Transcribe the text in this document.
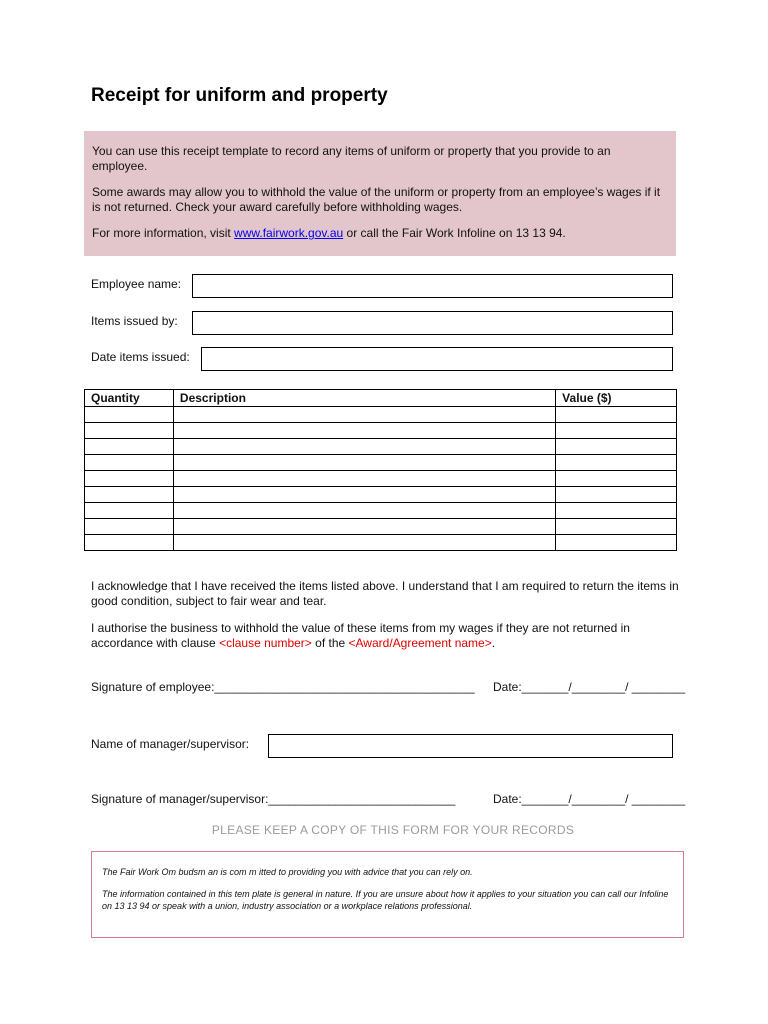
Receipt for uniform and property

You can use this receipt template to record any items of uniform or property that you provide to an employee.

Some awards may allow you to withhold the value of the uniform or property from an employee’s wages if it is not returned. Check your award carefully before withholding wages.

For more information, visit www.fairwork.gov.au or call the Fair Work Infoline on 13 13 94.

Employee name:
Items issued by:
Date items issued:
Quantity	Description	Value ($)

I acknowledge that I have received the items listed above. I understand that I am required to return the items in good condition, subject to fair wear and tear.

I authorise the business to withhold the value of these items from my wages if they are not returned in accordance with clause <clause number> of the <Award/Agreement name>.

Signature of employee:_______________________________________ Date:_______/________/ ________
Name of manager/supervisor:
Signature of manager/supervisor:____________________________	Date:_______/________/ ________
PLEASE KEEP A COPY OF THIS FORM FOR YOUR RECORDS

The Fair Work Om budsm an is com m itted to providing you with advice that you can rely on.

The information contained in this tem plate is general in nature. If you are unsure about how it applies to your situation you can call our Infoline on 13 13 94 or speak with a union, industry association or a workplace relations professional.
